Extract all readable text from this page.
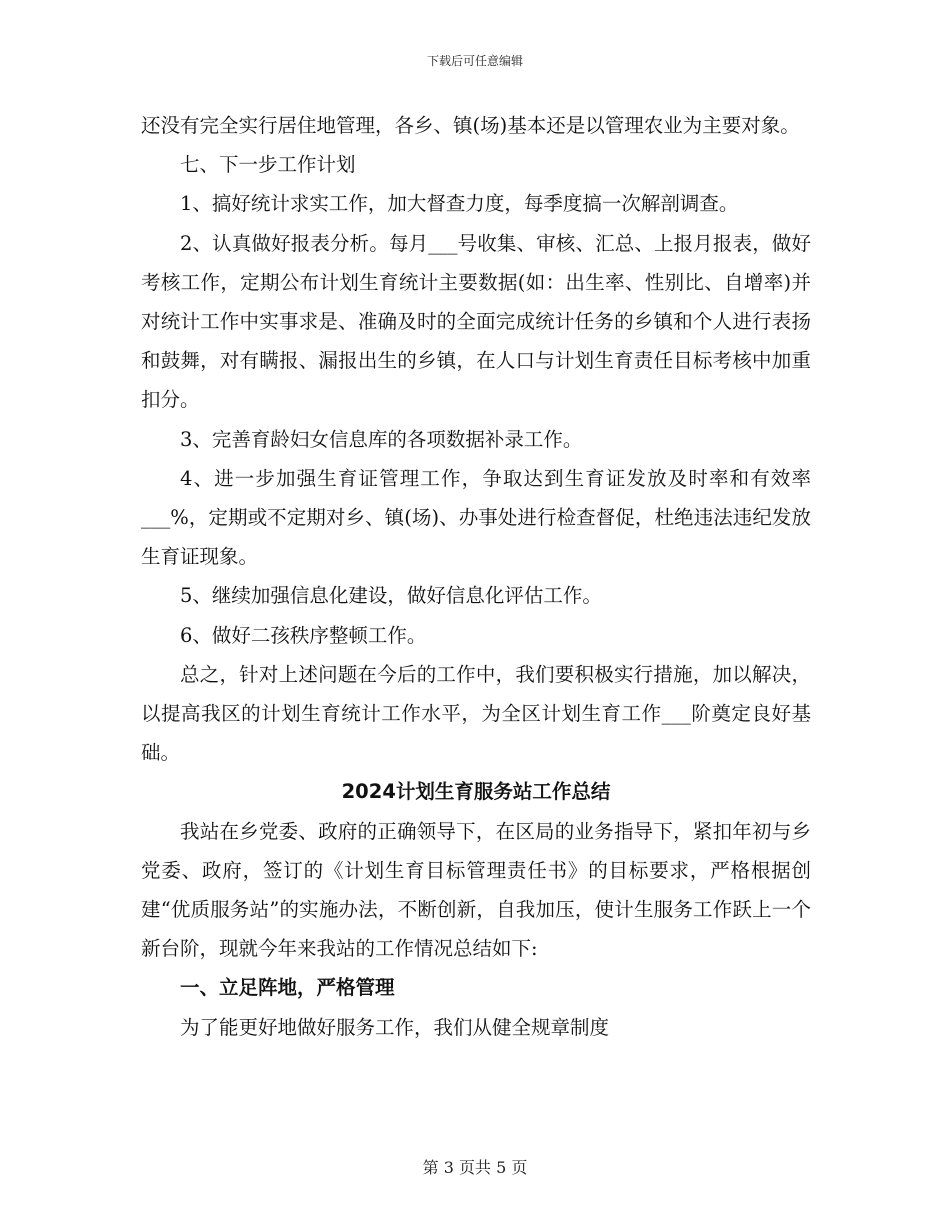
下载后可任意编辑

还没有完全实行居住地管理，各乡、镇(场)基本还是以管理农业为主要对象。

七、下一步工作计划

1、搞好统计求实工作，加大督查力度，每季度搞一次解剖调查。

2、认真做好报表分析。每月___号收集、审核、汇总、上报月报表，做好考核工作，定期公布计划生育统计主要数据(如：出生率、性别比、自增率)并对统计工作中实事求是、准确及时的全面完成统计任务的乡镇和个人进行表扬和鼓舞，对有瞒报、漏报出生的乡镇，在人口与计划生育责任目标考核中加重扣分。

3、完善育龄妇女信息库的各项数据补录工作。

4、进一步加强生育证管理工作，争取达到生育证发放及时率和有效率___%，定期或不定期对乡、镇(场)、办事处进行检查督促，杜绝违法违纪发放生育证现象。

5、继续加强信息化建设，做好信息化评估工作。

6、做好二孩秩序整顿工作。

总之，针对上述问题在今后的工作中，我们要积极实行措施，加以解决，以提高我区的计划生育统计工作水平，为全区计划生育工作___阶奠定良好基础。

2024计划生育服务站工作总结

我站在乡党委、政府的正确领导下，在区局的业务指导下，紧扣年初与乡党委、政府，签订的《计划生育目标管理责任书》的目标要求，严格根据创建“优质服务站”的实施办法，不断创新，自我加压，使计生服务工作跃上一个新台阶，现就今年来我站的工作情况总结如下:

一、立足阵地，严格管理

为了能更好地做好服务工作，我们从健全规章制度

第 3 页共 5 页
